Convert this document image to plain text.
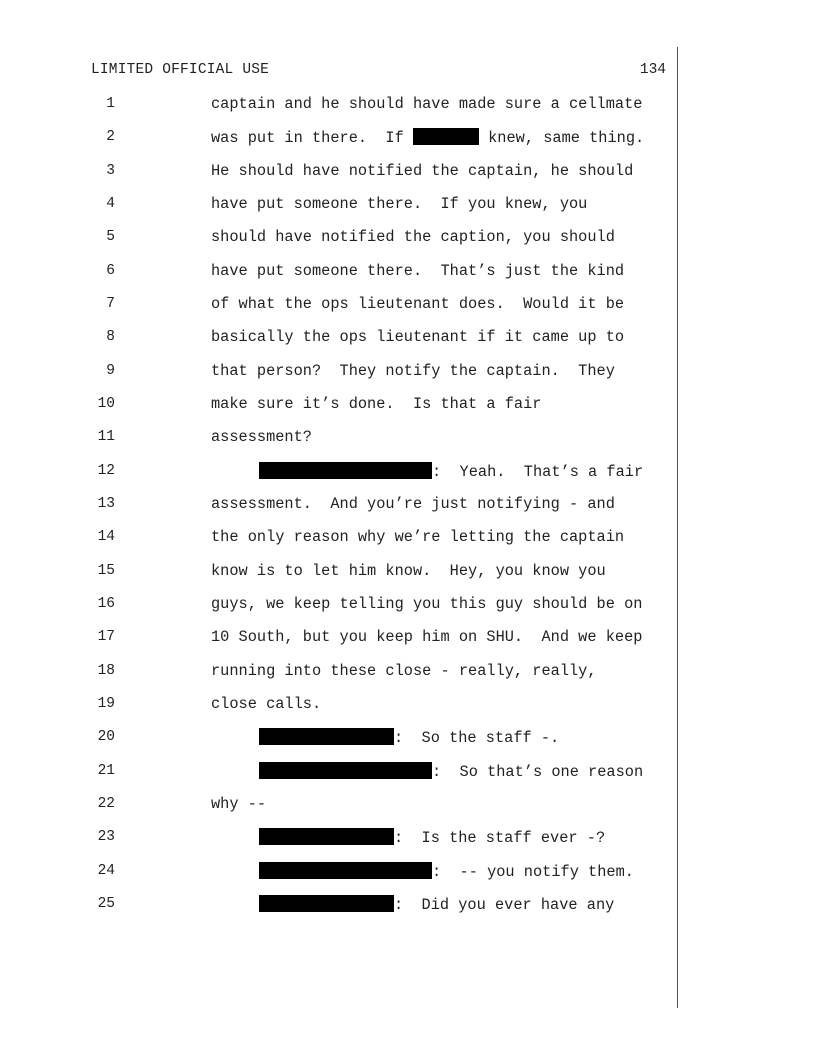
LIMITED OFFICIAL USE	134
1	captain and he should have made sure a cellmate
2	was put in there.  If	knew, same thing.
3	He should have notified the captain, he should
4	have put someone there.  If you knew, you
5	should have notified the caption, you should
6	have put someone there.  That’s just the kind
7	of what the ops lieutenant does.  Would it be
8	basically the ops lieutenant if it came up to
9	that person?  They notify the captain.  They
10	make sure it’s done.  Is that a fair
11	assessment?
12	:  Yeah.  That’s a fair
13	assessment.  And you’re just notifying - and
14	the only reason why we’re letting the captain
15	know is to let him know.  Hey, you know you
16	guys, we keep telling you this guy should be on
17	10 South, but you keep him on SHU.  And we keep
18	running into these close - really, really,
19	close calls.
20	:  So the staff -.
21	:  So that’s one reason
22	why --
23	:  Is the staff ever -?
24	:  -- you notify them.
25	:  Did you ever have any
